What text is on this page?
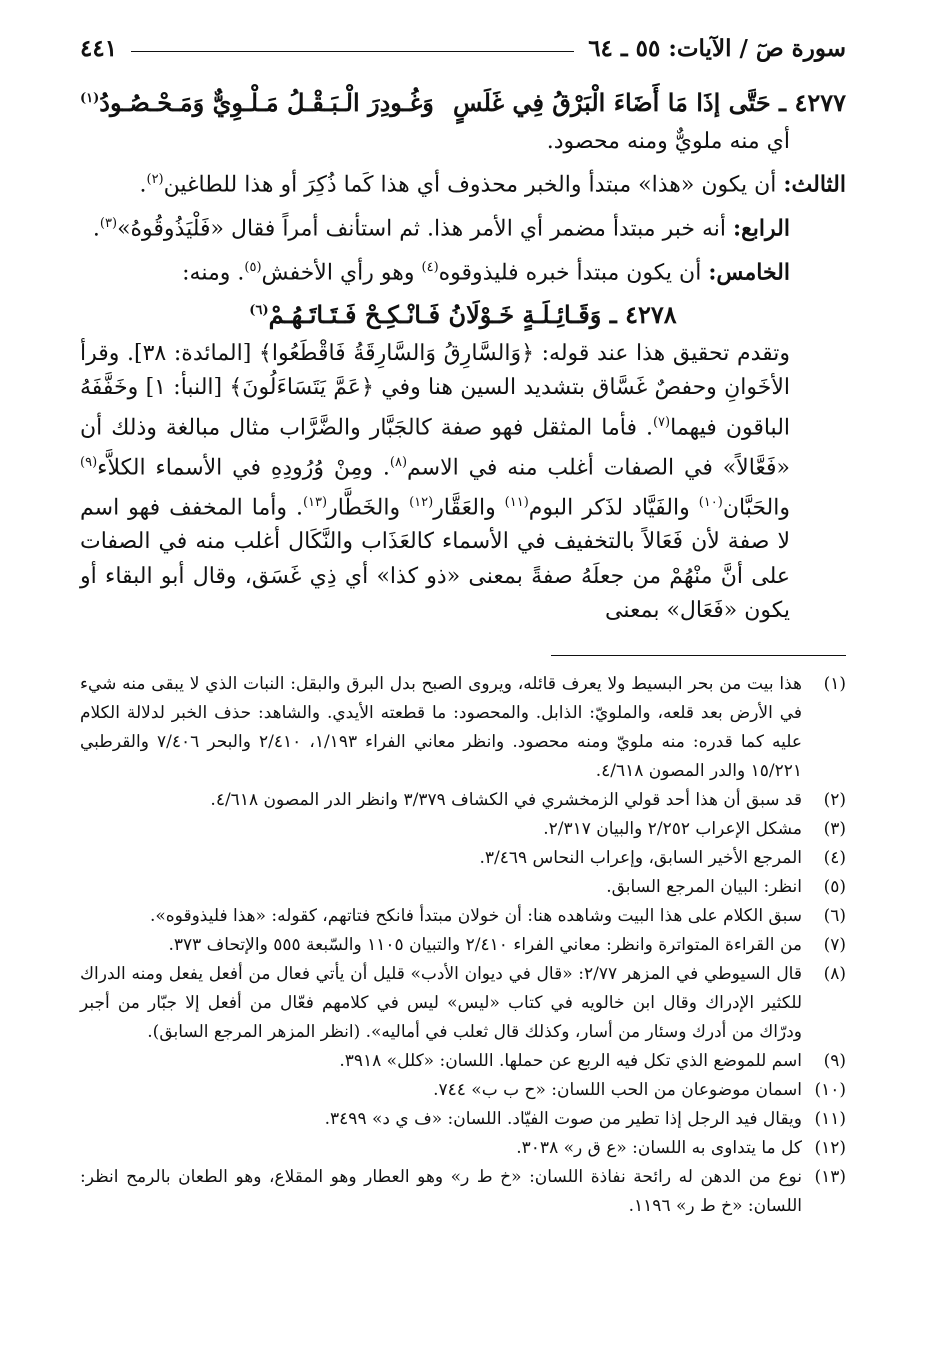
سورة صٓ / الآيات: ٥٥ ـ ٦٤
٤٤١
٤٢٧٧ ـ حَتَّى إذَا مَا أَضَاءَ الْبَرْقُ فِي غَلَسٍ
وَغُـودِرَ الْـبَـقْـلُ مَـلْـوِيٌّ وَمَـحْـصُـودُ$^{(١)}$

أي منه ملويٌّ ومنه محصود.

الثالث: أن يكون «هذا» مبتدأ والخبر محذوف أي هذا كَما ذُكِرَ أو هذا للطاغين$^{(٢)}$.

الرابع: أنه خبر مبتدأ مضمر أي الأمر هذا. ثم استأنف أمراً فقال «فَلْيَذُوقُوهُ»$^{(٣)}$.

الخامس: أن يكون مبتدأ خبره فليذوقوه$^{(٤)}$ وهو رأي الأخفش$^{(٥)}$. ومنه:

٤٢٧٨ ـ وَقَـائِـلَـةٍ خَـوْلَانُ فَـانْـكِـحْ فَـتَـاتَـهُـمْ$^{(٦)}$

وتقدم تحقيق هذا عند قوله: ﴿وَالسَّارِقُ وَالسَّارِقَةُ فَاقْطَعُوا﴾ [المائدة: ٣٨]. وقرأ الأخَوانِ وحفصٌ غَسَّاق بتشديد السين هنا وفي ﴿عَمَّ يَتَسَاءَلُونَ﴾ [النبأ: ١] وخَفَّفَهُ الباقون فيهما$^{(٧)}$. فأما المثقل فهو صفة كالجَبَّار والضَّرَّاب مثال مبالغة وذلك أن «فَعَّالاً» في الصفات أغلب منه في الاسم$^{(٨)}$. ومِنْ وُرُودِهِ في الأسماء الكلاَّء$^{(٩)}$ والحَبَّان$^{(١٠)}$ والفَيَّاد لذَكر البوم$^{(١١)}$ والعَقَّار$^{(١٢)}$ والخَطَّار$^{(١٣)}$. وأما المخفف فهو اسم لا صفة لأن فَعَالاً بالتخفيف في الأسماء كالعَذَاب والنَّكَال أغلب منه في الصفات على أنَّ منْهُمْ من جعلَهُ صفةً بمعنى «ذو كذا» أي ذِي غَسَق، وقال أبو البقاء أو يكون «فَعَال» بمعنى

(١)
هذا بيت من بحر البسيط ولا يعرف قائله، ويروى الصبح بدل البرق والبقل: النبات الذي لا يبقى منه شيء في الأرض بعد قلعه، والملويّ: الذابل. والمحصود: ما قطعته الأيدي. والشاهد: حذف الخبر لدلالة الكلام عليه كما قدره: منه ملويّ ومنه محصود. وانظر معاني الفراء ١/١٩٣، ٢/٤١٠ والبحر ٧/٤٠٦ والقرطبي ١٥/٢٢١ والدر المصون ٤/٦١٨.
(٢)
قد سبق أن هذا أحد قولي الزمخشري في الكشاف ٣/٣٧٩ وانظر الدر المصون ٤/٦١٨.
(٣)
مشكل الإعراب ٢/٢٥٢ والبيان ٢/٣١٧.
(٤)
المرجع الأخير السابق، وإعراب النحاس ٣/٤٦٩.
(٥)
انظر: البيان المرجع السابق.
(٦)
سبق الكلام على هذا البيت وشاهده هنا: أن خولان مبتدأ فانكح فتاتهم، كقوله: «هذا فليذوقوه».
(٧)
من القراءة المتواترة وانظر: معاني الفراء ٢/٤١٠ والتبيان ١١٠٥ والسّبعة ٥٥٥ والإتحاف ٣٧٣.
(٨)
قال السيوطي في المزهر ٢/٧٧: «قال في ديوان الأدب» قليل أن يأتي فعال من أفعل يفعل ومنه الدراك للكثير الإدراك وقال ابن خالويه في كتاب «ليس» ليس في كلامهم فعّال من أفعل إلا جبّار من أجبر ودرّاك من أدرك وسئار من أسار، وكذلك قال ثعلب في أماليه». (انظر المزهر المرجع السابق).
(٩)
اسم للموضع الذي تكل فيه الربع عن حملها. اللسان: «كلل» ٣٩١٨.
(١٠)
اسمان موضوعان من الحب اللسان: «ح ب ب» ٧٤٤.
(١١)
ويقال فيد الرجل إذا تطير من صوت الفيّاد. اللسان: «ف ي د» ٣٤٩٩.
(١٢)
كل ما يتداوى به اللسان: «ع ق ر» ٣٠٣٨.
(١٣)
نوع من الدهن له رائحة نفاذة اللسان: «خ ط ر» وهو العطار وهو المقلاع، وهو الطعان بالرمح انظر: اللسان: «خ ط ر» ١١٩٦.
